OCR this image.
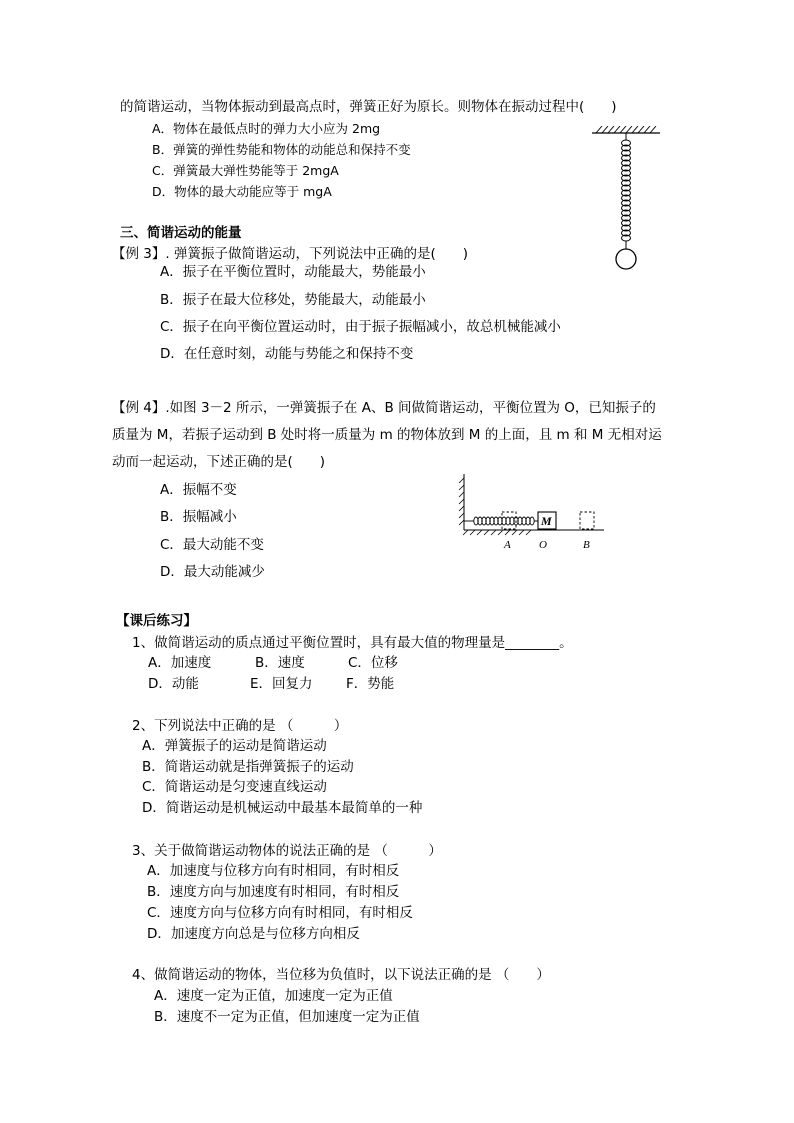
的简谐运动，当物体振动到最高点时，弹簧正好为原长。则物体在振动过程中(　　)
A．物体在最低点时的弹力大小应为 2mg
B．弹簧的弹性势能和物体的动能总和保持不变
C．弹簧最大弹性势能等于 2mgA
D．物体的最大动能应等于 mgA
三、简谐运动的能量
【例 3】. 弹簧振子做简谐运动，下列说法中正确的是(　　)
A．振子在平衡位置时，动能最大，势能最小
B．振子在最大位移处，势能最大，动能最小
C．振子在向平衡位置运动时，由于振子振幅减小，故总机械能减小
D．在任意时刻，动能与势能之和保持不变
【例 4】.如图 3－2 所示，一弹簧振子在 A、B 间做简谐运动，平衡位置为 O，已知振子的
质量为 M，若振子运动到 B 处时将一质量为 m 的物体放到 M 的上面，且 m 和 M 无相对运
动而一起运动，下述正确的是(　　)
A．振幅不变
B．振幅减小
C．最大动能不变
D．最大动能减少
M
A	O	B
【课后练习】
1、做简谐运动的质点通过平衡位置时，具有最大值的物理量是________。
A．加速度	B．速度	C．位移
D．动能	E．回复力 F．势能
2、下列说法中正确的是 （　　　）
A．弹簧振子的运动是简谐运动
B．简谐运动就是指弹簧振子的运动
C．简谐运动是匀变速直线运动
D．简谐运动是机械运动中最基本最简单的一种
3、关于做简谐运动物体的说法正确的是 （　　　）
A．加速度与位移方向有时相同，有时相反
B．速度方向与加速度有时相同，有时相反
C．速度方向与位移方向有时相同，有时相反
D．加速度方向总是与位移方向相反
4、做简谐运动的物体，当位移为负值时，以下说法正确的是 （　　）
A．速度一定为正值，加速度一定为正值
B．速度不一定为正值，但加速度一定为正值
